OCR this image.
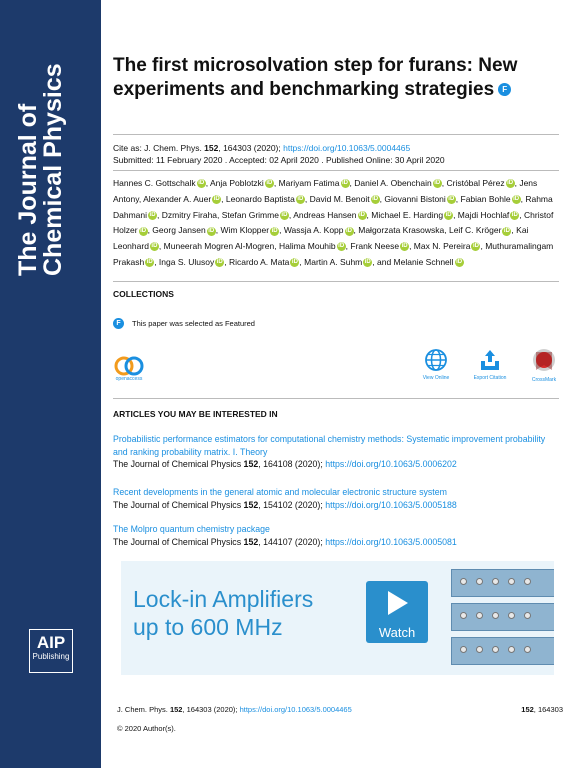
The Journal of
Chemical Physics
AIP
Publishing
The first microsolvation step for furans: New experiments and benchmarking strategies F
Cite as: J. Chem. Phys. 152, 164303 (2020); https://doi.org/10.1063/5.0004465
Submitted: 11 February 2020 . Accepted: 02 April 2020 . Published Online: 30 April 2020
Hannes C. Gottschalk iD , Anja Poblotzki iD , Mariyam Fatima iD , Daniel A. Obenchain iD , Cristóbal Pérez iD , Jens Antony, Alexander A. Auer iD , Leonardo Baptista iD , David M. Benoit iD , Giovanni Bistoni iD , Fabian Bohle iD , Rahma Dahmani iD , Dzmitry Firaha, Stefan Grimme iD , Andreas Hansen iD , Michael E. Harding iD , Majdi Hochlaf iD , Christof Holzer iD , Georg Jansen iD , Wim Klopper iD , Wassja A. Kopp iD , Małgorzata Krasowska, Leif C. Kröger iD , Kai Leonhard iD , Muneerah Mogren Al-Mogren, Halima Mouhib iD , Frank Neese iD , Max N. Pereira iD , Muthuramalingam Prakash iD , Inga S. Ulusoy iD , Ricardo A. Mata iD , Martin A. Suhm iD , and Melanie Schnell iD
COLLECTIONS
F	This paper was selected as Featured
openaccess	View Online	Export Citation	CrossMark
ARTICLES YOU MAY BE INTERESTED IN
Probabilistic performance estimators for computational chemistry methods: Systematic improvement probability and ranking probability matrix. I. Theory
The Journal of Chemical Physics 152, 164108 (2020); https://doi.org/10.1063/5.0006202
Recent developments in the general atomic and molecular electronic structure system
The Journal of Chemical Physics 152, 154102 (2020); https://doi.org/10.1063/5.0005188
The Molpro quantum chemistry package
The Journal of Chemical Physics 152, 144107 (2020); https://doi.org/10.1063/5.0005081
Lock-in Amplifiers
up to 600 MHz	Watch
J. Chem. Phys. 152, 164303 (2020); https://doi.org/10.1063/5.0004465	152, 164303
© 2020 Author(s).
